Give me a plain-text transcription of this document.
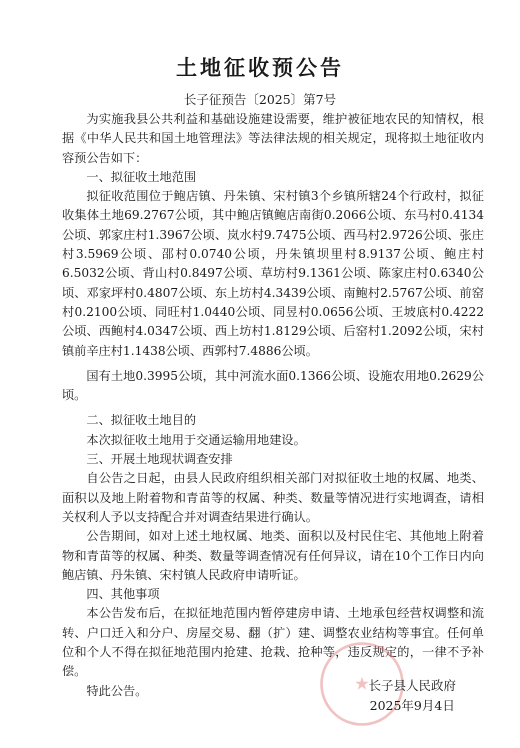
土地征收预公告
长子征预告〔2025〕第7号

为实施我县公共利益和基础设施建设需要，维护被征地农民的知情权，根据《中华人民共和国土地管理法》等法律法规的相关规定，现将拟土地征收内容预公告如下：

一、拟征收土地范围

拟征收范围位于鲍店镇、丹朱镇、宋村镇3个乡镇所辖24个行政村，拟征收集体土地69.2767公顷，其中鲍店镇鲍店南街0.2066公顷、东马村0.4134公顷、郭家庄村1.3967公顷、岚水村9.7475公顷、西马村2.9726公顷、张庄村3.5969公顷、邵村0.0740公顷，丹朱镇坝里村8.9137公顷、鲍庄村6.5032公顷、背山村0.8497公顷、草坊村9.1361公顷、陈家庄村0.6340公顷、邓家坪村0.4807公顷、东上坊村4.3439公顷、南鲍村2.5767公顷、前窑村0.2100公顷、同旺村1.0440公顷、同昱村0.0656公顷、王坡底村0.4222公顷、西鲍村4.0347公顷、西上坊村1.8129公顷、后窑村1.2092公顷，宋村镇前辛庄村1.1438公顷、西郭村7.4886公顷。

国有土地0.3995公顷，其中河流水面0.1366公顷、设施农用地0.2629公顷。

二、拟征收土地目的

本次拟征收土地用于交通运输用地建设。

三、开展土地现状调查安排

自公告之日起，由县人民政府组织相关部门对拟征收土地的权属、地类、面积以及地上附着物和青苗等的权属、种类、数量等情况进行实地调查，请相关权利人予以支持配合并对调查结果进行确认。

公告期间，如对上述土地权属、地类、面积以及村民住宅、其他地上附着物和青苗等的权属、种类、数量等调查情况有任何异议，请在10个工作日内向鲍店镇、丹朱镇、宋村镇人民政府申请听证。

四、其他事项

本公告发布后，在拟征地范围内暂停建房申请、土地承包经营权调整和流转、户口迁入和分户、房屋交易、翻（扩）建、调整农业结构等事宜。任何单位和个人不得在拟征地范围内抢建、抢栽、抢种等，违反规定的，一律不予补偿。

特此公告。	★
长子县人民政府
2025年9月4日
